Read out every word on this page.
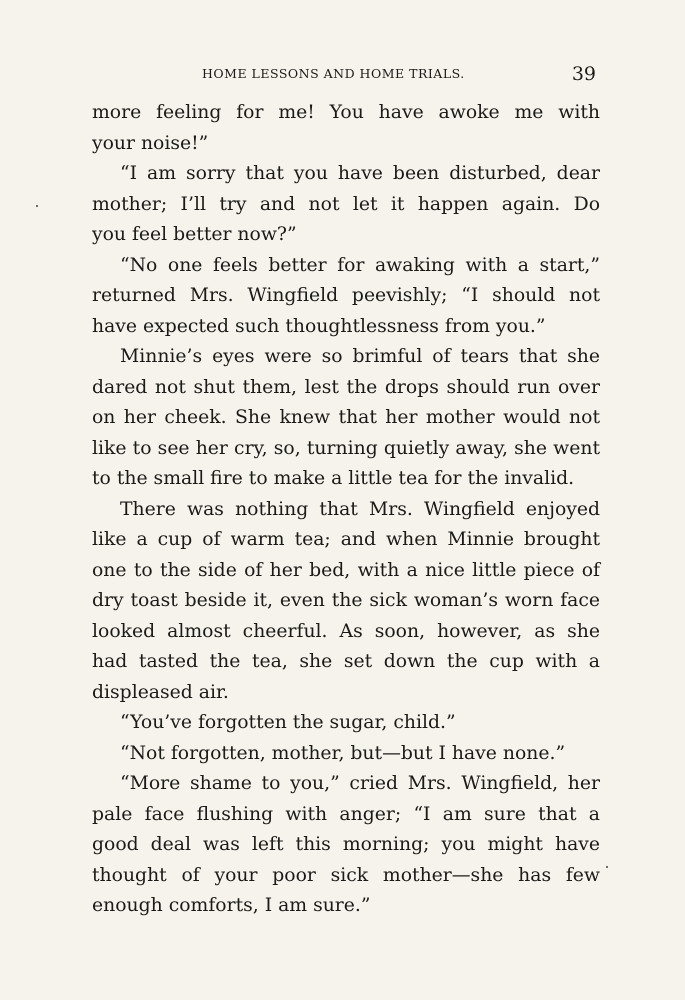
HOME LESSONS AND HOME TRIALS.	39
more feeling for me! You have awoke me with
your noise!”
“I am sorry that you have been disturbed, dear
mother; I’ll try and not let it happen again. Do
you feel better now?”
“No one feels better for awaking with a start,”
returned Mrs. Wingfield peevishly; “I should not
have expected such thoughtlessness from you.”
Minnie’s eyes were so brimful of tears that she
dared not shut them, lest the drops should run over
on her cheek. She knew that her mother would not
like to see her cry, so, turning quietly away, she went
to the small fire to make a little tea for the invalid.
There was nothing that Mrs. Wingfield enjoyed
like a cup of warm tea; and when Minnie brought
one to the side of her bed, with a nice little piece of
dry toast beside it, even the sick woman’s worn face
looked almost cheerful. As soon, however, as she
had tasted the tea, she set down the cup with a
displeased air.
“You’ve forgotten the sugar, child.”
“Not forgotten, mother, but—but I have none.”
“More shame to you,” cried Mrs. Wingfield, her
pale face flushing with anger; “I am sure that a
good deal was left this morning; you might have
thought of your poor sick mother—she has few
enough comforts, I am sure.”
